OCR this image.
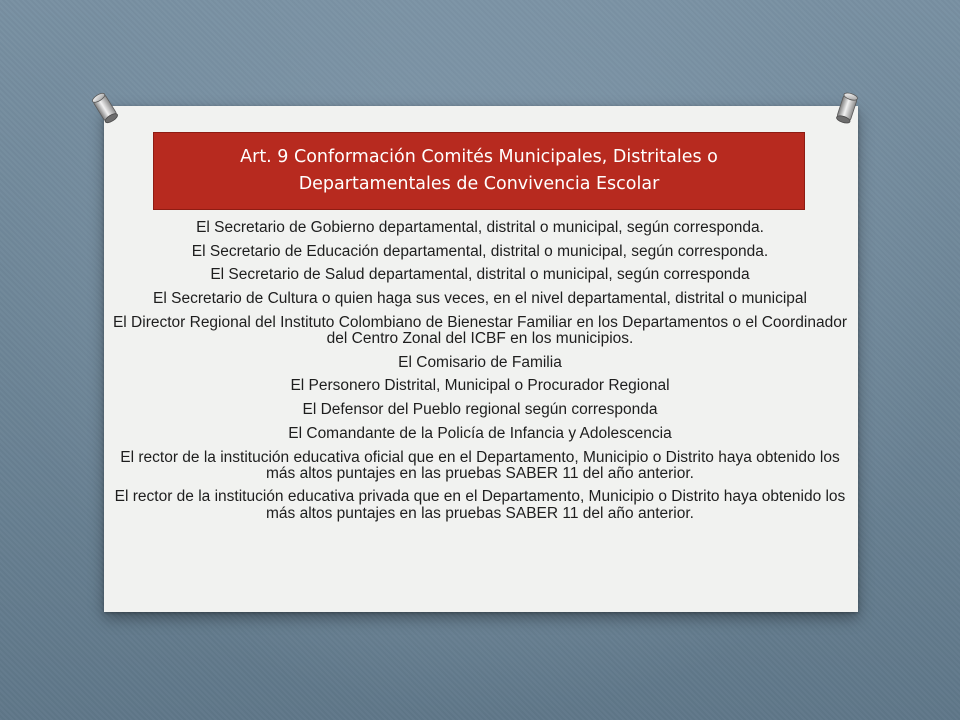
Art. 9 Conformación Comités Municipales, Distritales o
Departamentales de Convivencia Escolar

El Secretario de Gobierno departamental, distrital o municipal, según corresponda.

El Secretario de Educación departamental, distrital o municipal, según corresponda.

El Secretario de Salud departamental, distrital o municipal, según corresponda

El Secretario de Cultura o quien haga sus veces, en el nivel departamental, distrital o municipal

El Director Regional del Instituto Colombiano de Bienestar Familiar en los Departamentos o el Coordinador del Centro Zonal del ICBF en los municipios.

El Comisario de Familia

El Personero Distrital, Municipal o Procurador Regional

El Defensor del Pueblo regional según corresponda

El Comandante de la Policía de Infancia y Adolescencia

El rector de la institución educativa oficial que en el Departamento, Municipio o Distrito haya obtenido los más altos puntajes en las pruebas SABER 11 del año anterior.

El rector de la institución educativa privada que en el Departamento, Municipio o Distrito haya obtenido los más altos puntajes en las pruebas SABER 11 del año anterior.
